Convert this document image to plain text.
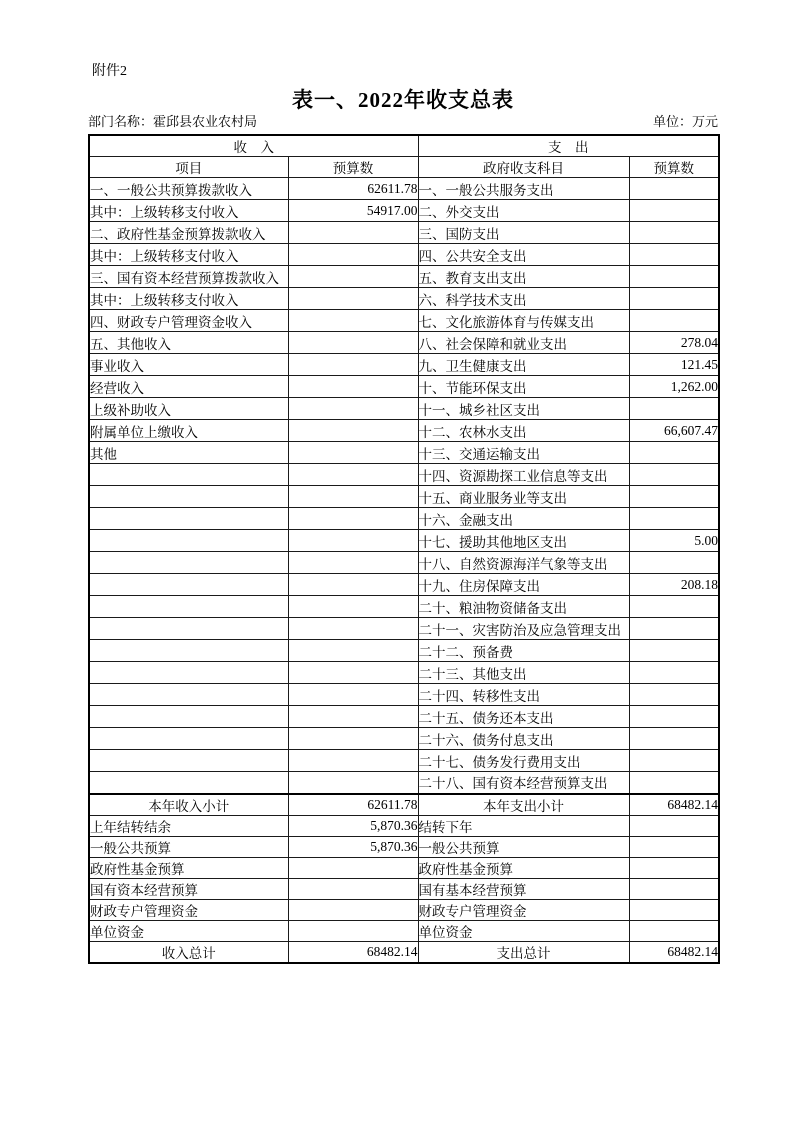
附件2
表一、2022年收支总表
部门名称：霍邱县农业农村局	单位：万元
收　入		支　出	
项目	预算数	政府收支科目	预算数
一、一般公共预算拨款收入	62611.78	一、一般公共服务支出	
其中：上级转移支付收入	54917.00	二、外交支出	
二、政府性基金预算拨款收入		三、国防支出	
其中：上级转移支付收入		四、公共安全支出	
三、国有资本经营预算拨款收入		五、教育支出支出	
其中：上级转移支付收入		六、科学技术支出	
四、财政专户管理资金收入		七、文化旅游体育与传媒支出	
五、其他收入		八、社会保障和就业支出	278.04
事业收入		九、卫生健康支出	121.45
经营收入		十、节能环保支出	1,262.00
上级补助收入		十一、城乡社区支出	
附属单位上缴收入		十二、农林水支出	66,607.47
其他		十三、交通运输支出	
		十四、资源勘探工业信息等支出	
		十五、商业服务业等支出	
		十六、金融支出	
		十七、援助其他地区支出	5.00
		十八、自然资源海洋气象等支出	
		十九、住房保障支出	208.18
		二十、粮油物资储备支出	
		二十一、灾害防治及应急管理支出	
		二十二、预备费	
		二十三、其他支出	
		二十四、转移性支出	
		二十五、债务还本支出	
		二十六、债务付息支出	
		二十七、债务发行费用支出	
		二十八、国有资本经营预算支出	
本年收入小计	62611.78	本年支出小计	68482.14
上年结转结余	5,870.36	结转下年	
一般公共预算	5,870.36	一般公共预算	
政府性基金预算		政府性基金预算	
国有资本经营预算		国有基本经营预算	
财政专户管理资金		财政专户管理资金	
单位资金		单位资金	
收入总计	68482.14	支出总计	68482.14
